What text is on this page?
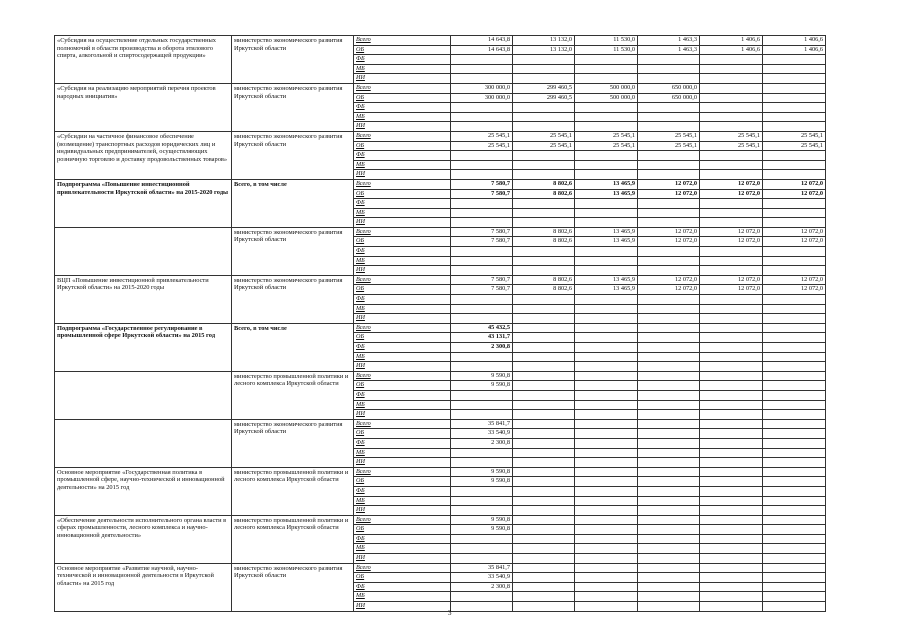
«Субсидия на осуществление отдельных государственных полномочий в области производства и оборота этилового спирта, алкогольной и спиртосодержащей продукции»	министерство экономического развития Иркутской области	Всего	14 643,8	13 132,0	11 530,0	1 463,3	1 406,6	1 406,6
		ОБ	14 643,8	13 132,0	11 530,0	1 463,3	1 406,6	1 406,6
		ФБ						
		МБ						
		ИИ						
«Субсидия на реализацию мероприятий перечня проектов народных инициатив»	министерство экономического развития Иркутской области	Всего	300 000,0	299 460,5	500 000,0	650 000,0		
		ОБ	300 000,0	299 460,5	500 000,0	650 000,0		
		ФБ						
		МБ						
		ИИ						
«Субсидии на частичное финансовое обеспечение (возмещение) транспортных расходов юридических лиц и индивидуальных предпринимателей, осуществляющих розничную торговлю и доставку продовольственных товаров»	министерство экономического развития Иркутской области	Всего	25 545,1	25 545,1	25 545,1	25 545,1	25 545,1	25 545,1
		ОБ	25 545,1	25 545,1	25 545,1	25 545,1	25 545,1	25 545,1
		ФБ						
		МБ						
		ИИ						
Подпрограмма «Повышение инвестиционной привлекательности Иркутской области» на 2015-2020 годы	Всего, в том числе	Всего	7 580,7	8 802,6	13 465,9	12 072,0	12 072,0	12 072,0
		ОБ	7 580,7	8 802,6	13 465,9	12 072,0	12 072,0	12 072,0
		ФБ						
		МБ						
		ИИ						
	министерство экономического развития Иркутской области	Всего	7 580,7	8 802,6	13 465,9	12 072,0	12 072,0	12 072,0
		ОБ	7 580,7	8 802,6	13 465,9	12 072,0	12 072,0	12 072,0
		ФБ						
		МБ						
		ИИ						
ВЦП «Повышение инвестиционной привлекательности Иркутской области» на 2015-2020 годы	министерство экономического развития Иркутской области	Всего	7 580,7	8 802,6	13 465,9	12 072,0	12 072,0	12 072,0
		ОБ	7 580,7	8 802,6	13 465,9	12 072,0	12 072,0	12 072,0
		ФБ						
		МБ						
		ИИ						
Подпрограмма «Государственное регулирование в промышленной сфере Иркутской области» на 2015 год	Всего, в том числе	Всего	45 432,5					
		ОБ	43 131,7					
		ФБ	2 300,8					
		МБ						
		ИИ						
	министерство промышленной политики и лесного комплекса Иркутской области	Всего	9 590,8					
		ОБ	9 590,8					
		ФБ						
		МБ						
		ИИ						
	министерство экономического развития Иркутской области	Всего	35 841,7					
		ОБ	33 540,9					
		ФБ	2 300,8					
		МБ						
		ИИ						
Основное мероприятие «Государственная политика в промышленной сфере, научно-технической и инновационной деятельности» на 2015 год	министерство промышленной политики и лесного комплекса Иркутской области	Всего	9 590,8					
		ОБ	9 590,8					
		ФБ						
		МБ						
		ИИ						
«Обеспечение деятельности исполнительного органа власти в сферах промышленности, лесного комплекса и научно-инновационной деятельности»	министерство промышленной политики и лесного комплекса Иркутской области	Всего	9 590,8					
		ОБ	9 590,8					
		ФБ						
		МБ						
		ИИ						
Основное мероприятие «Развитие научной, научно-технической и инновационной деятельности в Иркутской области» на 2015 год	министерство экономического развития Иркутской области	Всего	35 841,7					
		ОБ	33 540,9					
		ФБ	2 300,8					
		МБ						
		ИИ						
3
